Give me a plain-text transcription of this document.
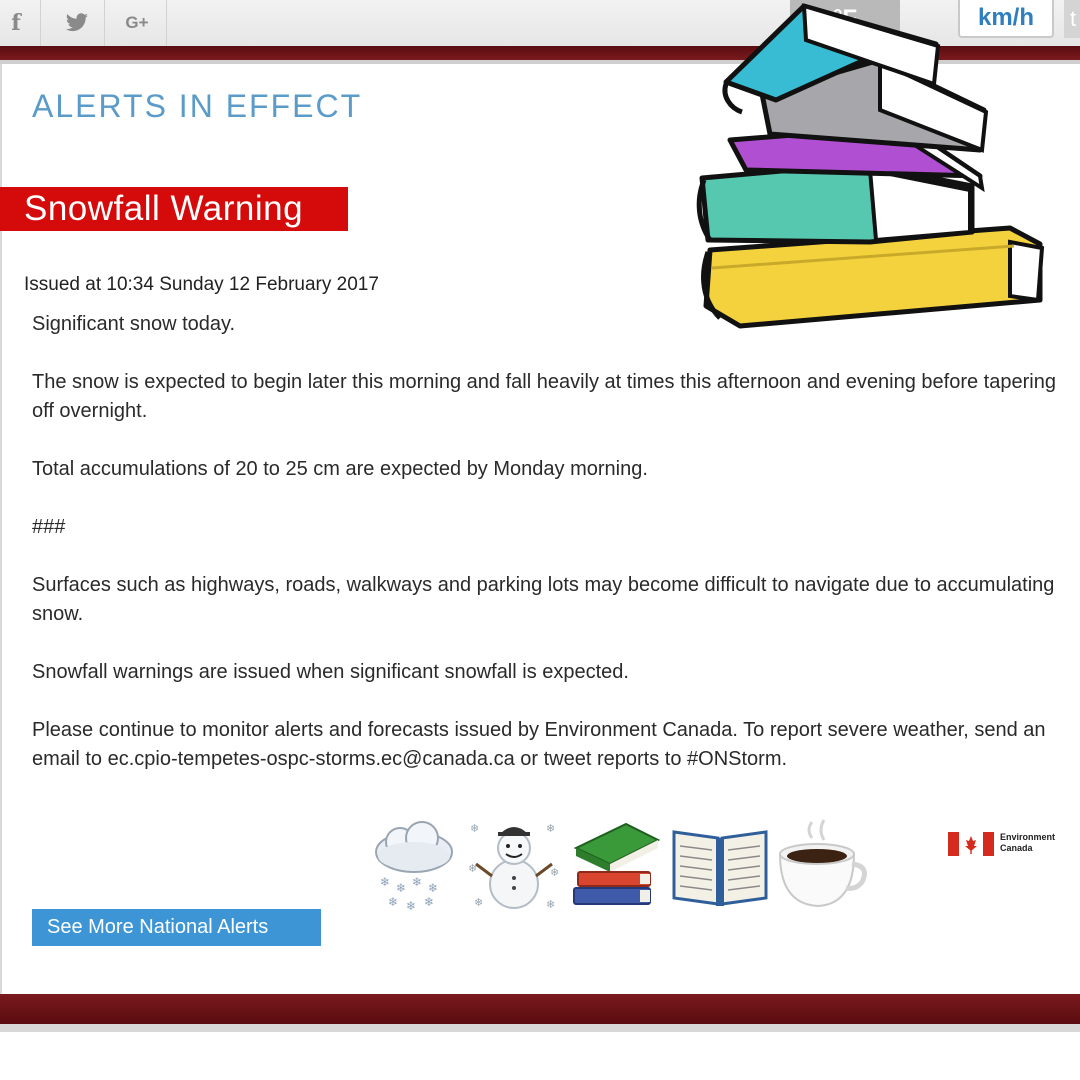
f	G+	km/h	t
ALERTS IN EFFECT
Snowfall Warning
Issued at 10:34 Sunday 12 February 2017

Significant snow today.

The snow is expected to begin later this morning and fall heavily at times this afternoon and evening before tapering off overnight.

Total accumulations of 20 to 25 cm are expected by Monday morning.

###

Surfaces such as highways, roads, walkways and parking lots may become difficult to navigate due to accumulating snow.

Snowfall warnings are issued when significant snowfall is expected.

Please continue to monitor alerts and forecasts issued by Environment Canada. To report severe weather, send an email to ec.cpio-tempetes-ospc-storms.ec@canada.ca or tweet reports to #ONStorm.

❄ ❄ ❄ ❄
❄ ❄ ❄
❄	❄
❄	❄
❄	❄
Environment
Canada
See More National Alerts
